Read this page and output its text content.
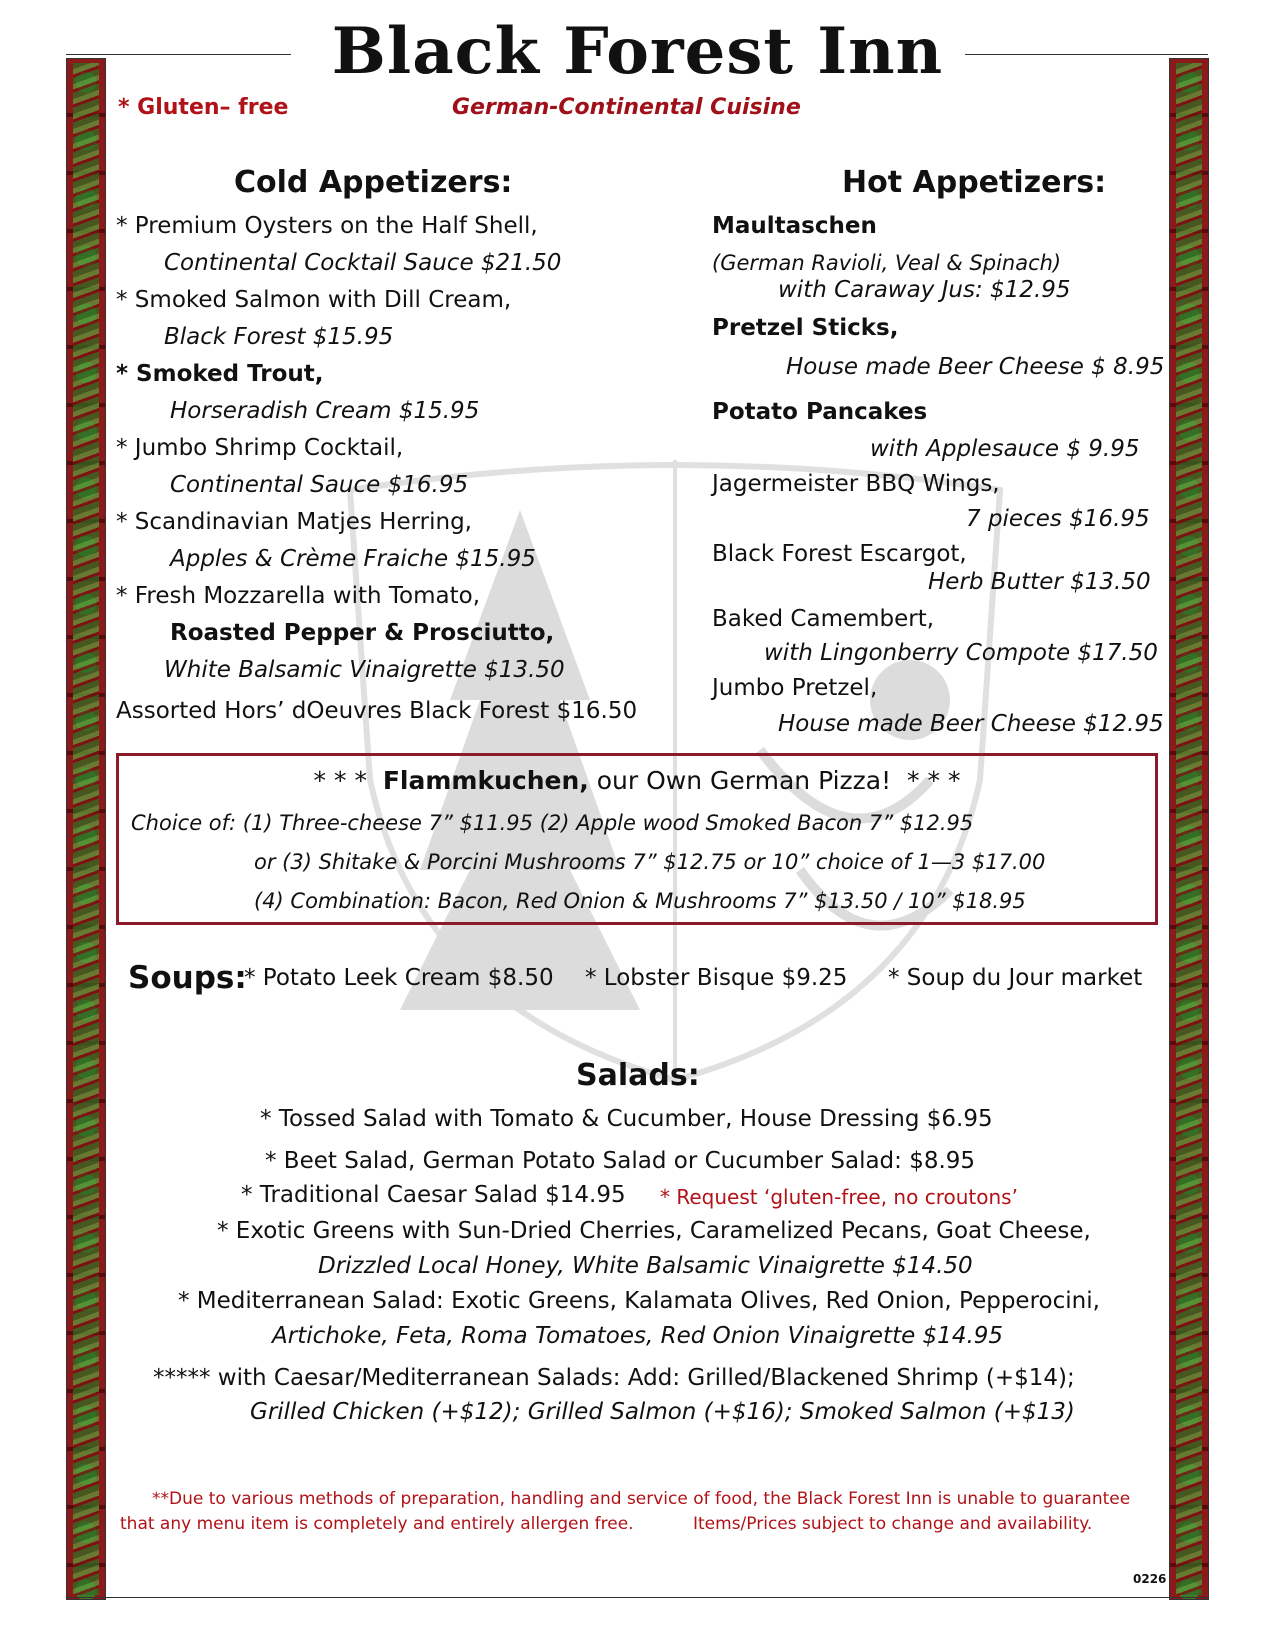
Black Forest Inn
* Gluten– free	German-Continental Cuisine
Cold Appetizers:
* Premium Oysters on the Half Shell,
Continental Cocktail Sauce $21.50
* Smoked Salmon with Dill Cream,
Black Forest $15.95
* Smoked Trout,
Horseradish Cream $15.95
* Jumbo Shrimp Cocktail,
Continental Sauce $16.95
* Scandinavian Matjes Herring,
Apples & Crème Fraiche $15.95
* Fresh Mozzarella with Tomato,
Roasted Pepper & Prosciutto,
White Balsamic Vinaigrette $13.50
Assorted Hors’ dOeuvres Black Forest $16.50
Hot Appetizers:
Maultaschen
(German Ravioli, Veal & Spinach)
with Caraway Jus: $12.95
Pretzel Sticks,
House made Beer Cheese $ 8.95
Potato Pancakes
with Applesauce $ 9.95
Jagermeister BBQ Wings,
7 pieces $16.95
Black Forest Escargot,
Herb Butter $13.50
Baked Camembert,
with Lingonberry Compote $17.50
Jumbo Pretzel,
House made Beer Cheese $12.95
* * * Flammkuchen, our Own German Pizza! * * *
Choice of: (1) Three-cheese 7” $11.95 (2) Apple wood Smoked Bacon 7” $12.95
or (3) Shitake & Porcini Mushrooms 7” $12.75 or 10” choice of 1—3 $17.00
(4) Combination: Bacon, Red Onion & Mushrooms 7” $13.50 / 10” $18.95
Soups:
* Potato Leek Cream $8.50 * Lobster Bisque $9.25 * Soup du Jour market
Salads:
* Tossed Salad with Tomato & Cucumber, House Dressing $6.95
* Beet Salad, German Potato Salad or Cucumber Salad: $8.95
* Traditional Caesar Salad $14.95 * Request ‘gluten-free, no croutons’
* Exotic Greens with Sun-Dried Cherries, Caramelized Pecans, Goat Cheese,
Drizzled Local Honey, White Balsamic Vinaigrette $14.50
* Mediterranean Salad: Exotic Greens, Kalamata Olives, Red Onion, Pepperocini,
Artichoke, Feta, Roma Tomatoes, Red Onion Vinaigrette $14.95
***** with Caesar/Mediterranean Salads: Add: Grilled/Blackened Shrimp (+$14);
Grilled Chicken (+$12); Grilled Salmon (+$16); Smoked Salmon (+$13)
**Due to various methods of preparation, handling and service of food, the Black Forest Inn is unable to guarantee
that any menu item is completely and entirely allergen free.	Items/Prices subject to change and availability.
0226
